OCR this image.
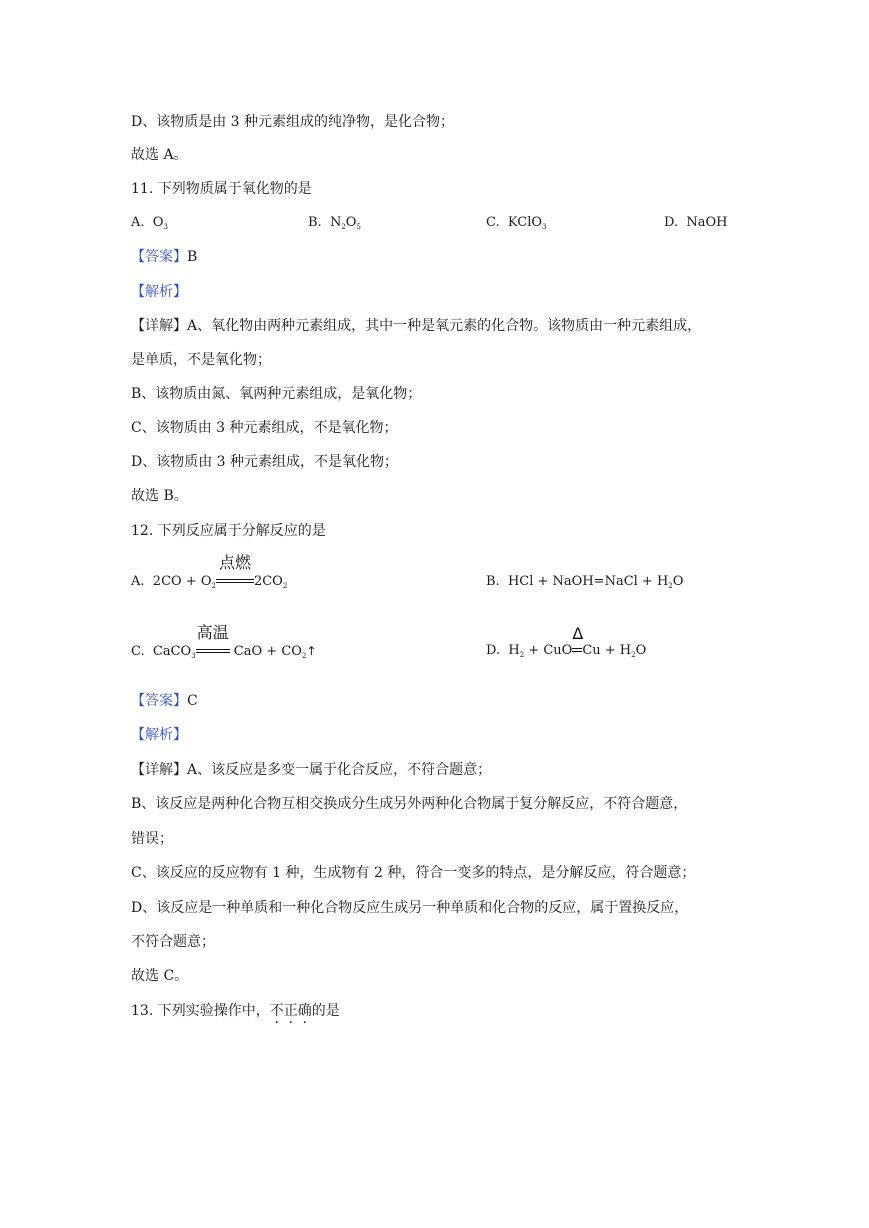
D、该物质是由 3 种元素组成的纯净物，是化合物；
故选 A。
11. 下列物质属于氧化物的是
A. $O_3$	B. $N_2O_5$	C. KClO$_3$	D. NaOH
【答案】B
【解析】
【详解】A、氧化物由两种元素组成，其中一种是氧元素的化合物。该物质由一种元素组成，
是单质，不是氧化物；
B、该物质由氮、氧两种元素组成，是氧化物；
C、该物质由 3 种元素组成，不是氧化物；
D、该物质由 3 种元素组成，不是氧化物；
故选 B。
12. 下列反应属于分解反应的是
A. $2CO + O_2$
点燃
$2CO_2$	B. HCl + NaOH=NaCl + $H_2O$
C. CaCO$_3$
高温
CaO + $CO_2↑$	D. $H_2$ + CuO
Δ
$Cu + H_2O$
【答案】C
【解析】
【详解】A、该反应是多变一属于化合反应，不符合题意；
B、该反应是两种化合物互相交换成分生成另外两种化合物属于复分解反应，不符合题意，
错误；
C、该反应的反应物有 1 种，生成物有 2 种，符合一变多的特点，是分解反应，符合题意；
D、该反应是一种单质和一种化合物反应生成另一种单质和化合物的反应，属于置换反应，
不符合题意；
故选 C。
13. 下列实验操作中，不正确的是
